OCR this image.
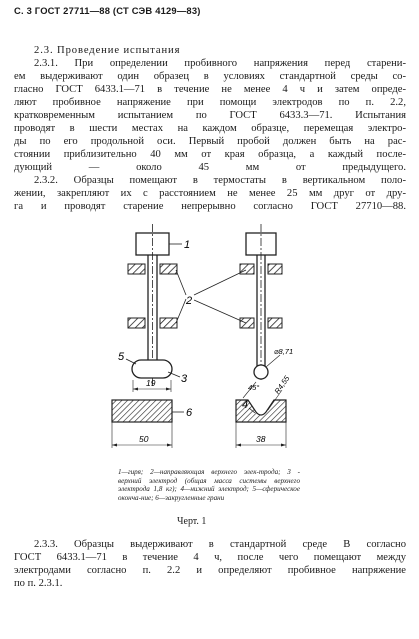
С. 3 ГОСТ 27711—88 (СТ СЭВ 4129—83)
2.3. Проведение испытания
2.3.1. При определении пробивного напряжения перед старени-
ем выдерживают один образец в условиях стандартной среды со-
гласно ГОСТ 6433.1—71 в течение не менее 4 ч и затем опреде-
ляют пробивное напряжение при помощи электродов по п. 2.2,
кратковременным испытанием по ГОСТ 6433.3—71. Испытания
проводят в шести местах на каждом образце, перемещая электро-
ды по его продольной оси. Первый пробой должен быть на рас-
стоянии приблизительно 40 мм от края образца, а каждый после-
дующий — около 45 мм от предыдущего.
2.3.2. Образцы помещают в термостаты в вертикальном поло-
жении, закрепляют их с расстоянием не менее 25 мм друг от дру-
га и проводят старение непрерывно согласно ГОСТ 27710—88.
1
2
3
5
19
6
50
⌀8,71
45° R4,55
4
38
1—гиря; 2—направляющая верхнего элек-трода; 3 - верхний электрод (общая масса системы верхнего электрода 1,8 кг); 4—нижний электрод; 5—сферическое оконча-ние; 6—закругленные грани
Черт. 1
2.3.3. Образцы выдерживают в стандартной среде В согласно
ГОСТ 6433.1—71 в течение 4 ч, после чего помещают между
электродами согласно п. 2.2 и определяют пробивное напряжение
по п. 2.3.1.
